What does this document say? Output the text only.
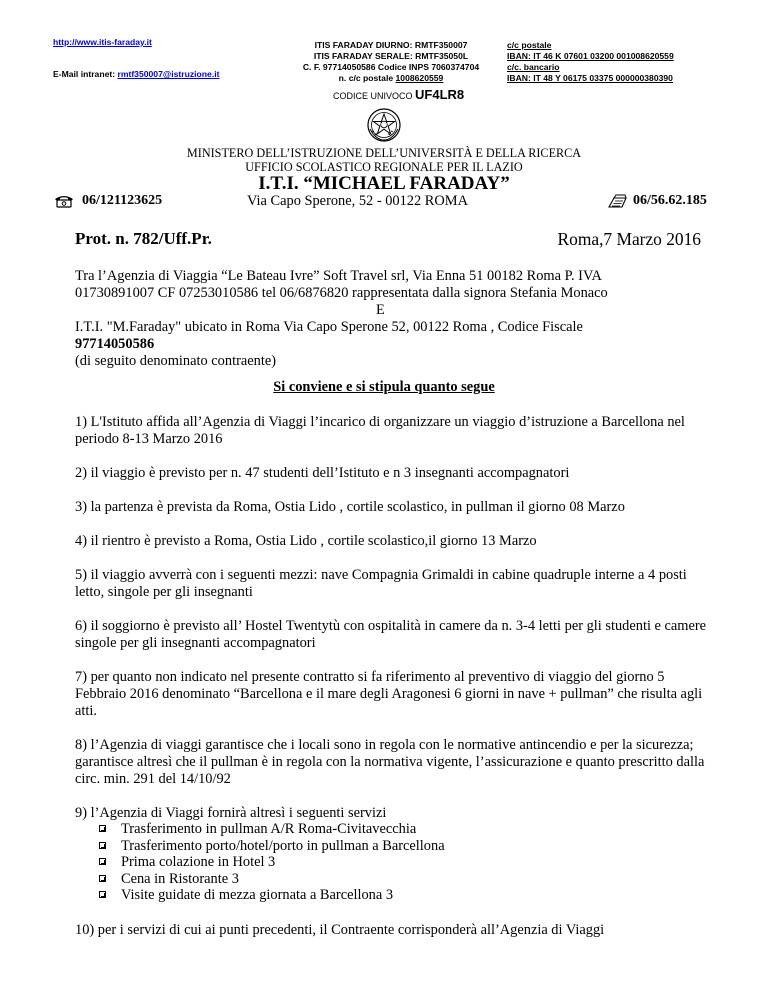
http://www.itis-faraday.it
E-Mail intranet: rmtf350007@istruzione.it
ITIS FARADAY DIURNO: RMTF350007
ITIS FARADAY SERALE: RMTF35050L
C. F. 97714050586 Codice INPS 7060374704
n. c/c postale 1008620559
CODICE UNIVOCO UF4LR8
c/c postale
IBAN: IT 46 K 07601 03200 001008620559
c/c. bancario
IBAN: IT 48 Y 06175 03375 000000380390
MINISTERO DELL’ISTRUZIONE DELL’UNIVERSITÀ E DELLA RICERCA
UFFICIO SCOLASTICO REGIONALE PER IL LAZIO
I.T.I. “MICHAEL FARADAY”
06/121123625	Via Capo Sperone, 52 - 00122 ROMA	06/56.62.185
Prot. n. 782/Uff.Pr.	Roma,7 Marzo 2016
Tra l’Agenzia di Viaggia “Le Bateau Ivre” Soft Travel srl, Via Enna 51 00182 Roma P. IVA
01730891007 CF 07253010586 tel 06/6876820 rappresentata dalla signora Stefania Monaco
E
I.T.I. "M.Faraday" ubicato in Roma Via Capo Sperone 52, 00122 Roma , Codice Fiscale
97714050586
(di seguito denominato contraente)
Si conviene e si stipula quanto segue

1) L'Istituto affida all’Agenzia di Viaggi l’incarico di organizzare un viaggio d’istruzione a Barcellona nel periodo 8-13 Marzo 2016

2) il viaggio è previsto per n. 47 studenti dell’Istituto e n 3 insegnanti accompagnatori

3) la partenza è prevista da Roma, Ostia Lido , cortile scolastico, in pullman il giorno 08 Marzo

4) il rientro è previsto a Roma, Ostia Lido , cortile scolastico,il giorno 13 Marzo

5) il viaggio avverrà con i seguenti mezzi: nave Compagnia Grimaldi in cabine quadruple interne a 4 posti letto, singole per gli insegnanti

6) il soggiorno è previsto all’ Hostel Twentytù con ospitalità in camere da n. 3-4 letti per gli studenti e camere singole per gli insegnanti accompagnatori

7) per quanto non indicato nel presente contratto si fa riferimento al preventivo di viaggio del giorno 5 Febbraio 2016 denominato “Barcellona e il mare degli Aragonesi 6 giorni in nave + pullman” che risulta agli atti.

8) l’Agenzia di viaggi garantisce che i locali sono in regola con le normative antincendio e per la sicurezza; garantisce altresì che il pullman è in regola con la normativa vigente, l’assicurazione e quanto prescritto dalla circ. min. 291 del 14/10/92

9) l’Agenzia di Viaggi fornirà altresì i seguenti servizi

Trasferimento in pullman A/R Roma-Civitavecchia
Trasferimento porto/hotel/porto in pullman a Barcellona
Prima colazione in Hotel 3
Cena in Ristorante 3
Visite guidate di mezza giornata a Barcellona 3

10) per i servizi di cui ai punti precedenti, il Contraente corrisponderà all’Agenzia di Viaggi
